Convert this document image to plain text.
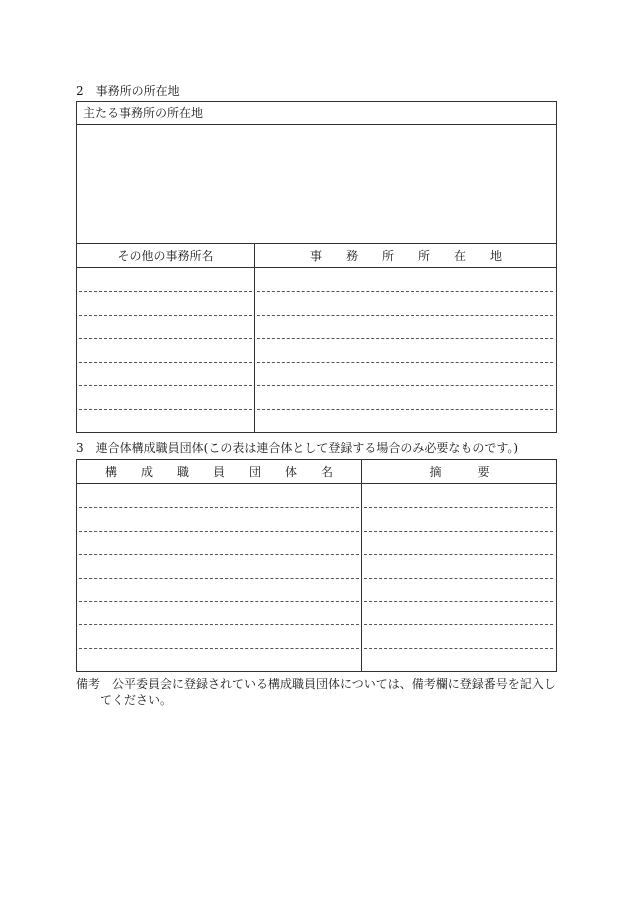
2　事務所の所在地
主たる事務所の所在地
その他の事務所名	事　　務　　所　　所　　在　　地
3　連合体構成職員団体(この表は連合体として登録する場合のみ必要なものです。)
構　　成　　職　　員　　団　　体　　名	摘　　　要
備考　公平委員会に登録されている構成職員団体については、備考欄に登録番号を記入し
てください。
